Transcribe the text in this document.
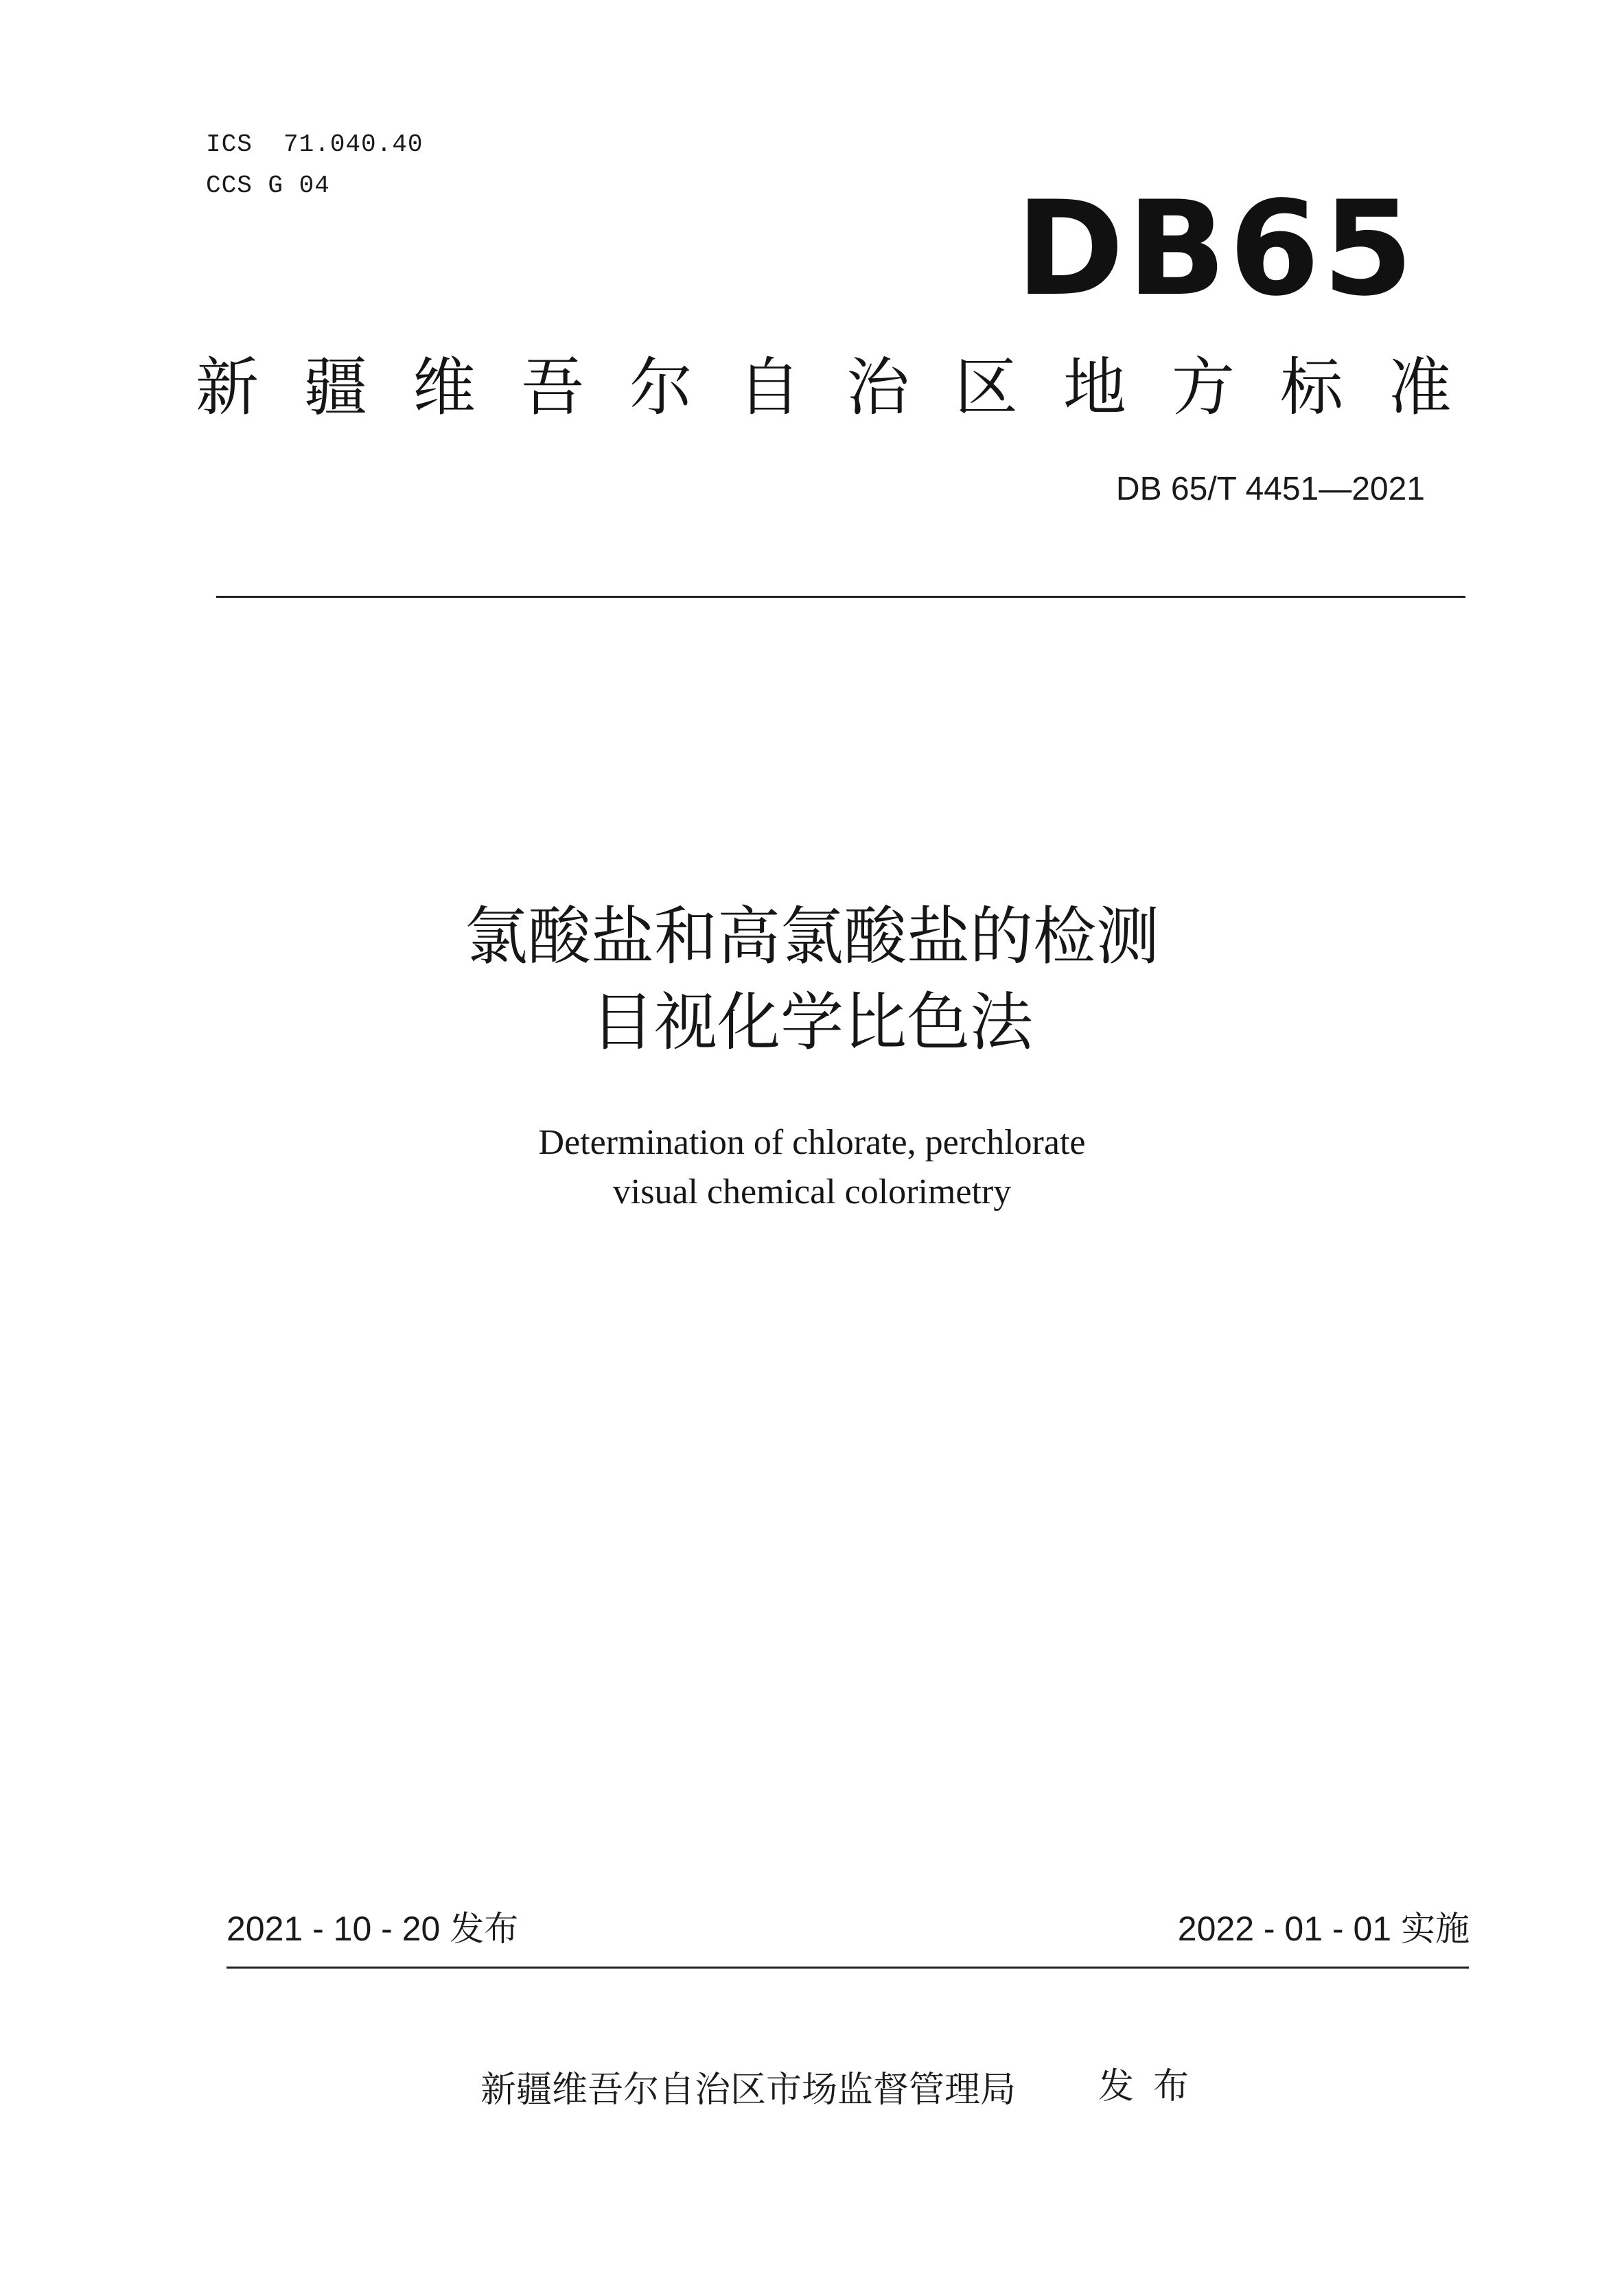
ICS  71.040.40
CCS G 04	DB65
新 疆 维 吾 尔 自 治 区 地 方 标 准
DB 65/T 4451—2021
氯酸盐和高氯酸盐的检测
目视化学比色法
Determination of chlorate, perchlorate
visual chemical colorimetry
2021 - 10 - 20 发布	2022 - 01 - 01 实施
新疆维吾尔自治区市场监督管理局 发布
